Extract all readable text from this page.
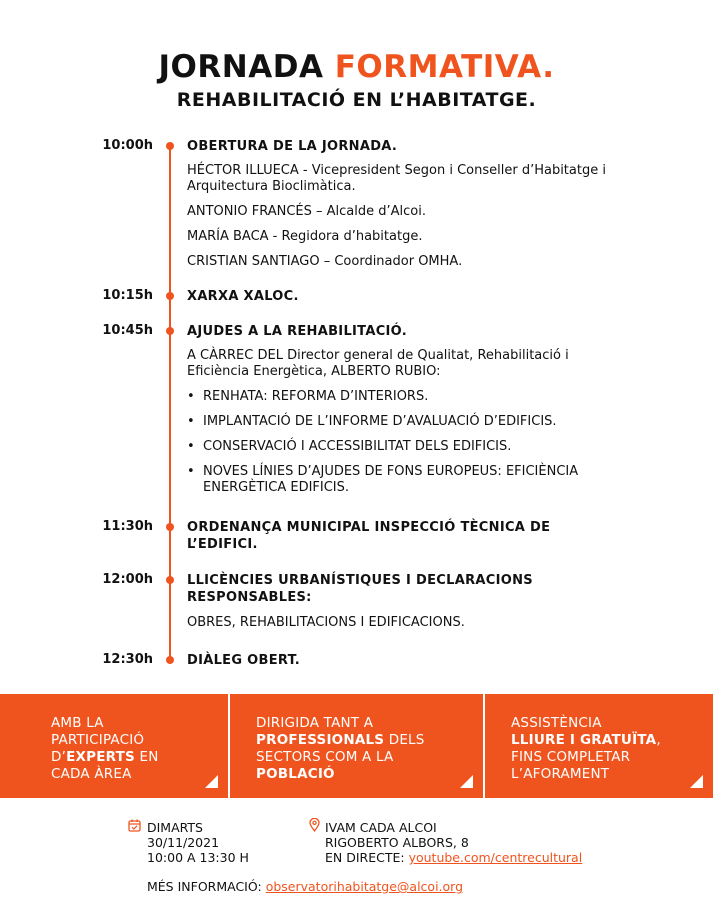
JORNADA FORMATIVA.
REHABILITACIÓ EN L’HABITATGE.
10:00h	OBERTURA DE LA JORNADA.
HÉCTOR ILLUECA - Vicepresident Segon i Conseller d’Habitatge i Arquitectura Bioclimàtica.
ANTONIO FRANCÉS – Alcalde d’Alcoi.
MARÍA BACA - Regidora d’habitatge.
CRISTIAN SANTIAGO – Coordinador OMHA.
10:15h	XARXA XALOC.
10:45h	AJUDES A LA REHABILITACIÓ.
A CÀRREC DEL Director general de Qualitat, Rehabilitació i Eficiència Energètica, ALBERTO RUBIO:
• RENHATA: REFORMA D’INTERIORS.
• IMPLANTACIÓ DE L’INFORME D’AVALUACIÓ D’EDIFICIS.
• CONSERVACIÓ I ACCESSIBILITAT DELS EDIFICIS.
• NOVES LÍNIES D’AJUDES DE FONS EUROPEUS: EFICIÈNCIA ENERGÈTICA EDIFICIS.
11:30h	ORDENANÇA MUNICIPAL INSPECCIÓ TÈCNICA DE L’EDIFICI.
12:00h	LLICÈNCIES URBANÍSTIQUES I DECLARACIONS RESPONSABLES:
OBRES, REHABILITACIONS I EDIFICACIONS.
12:30h	DIÀLEG OBERT.
AMB LA
PARTICIPACIÓ
D’EXPERTS EN
CADA ÀREA
DIRIGIDA TANT A
PROFESSIONALS DELS
SECTORS COM A LA
POBLACIÓ
ASSISTÈNCIA
LLIURE I GRATUÏTA,
FINS COMPLETAR
L’AFORAMENT
DIMARTS
30/11/2021
10:00 A 13:30 H
IVAM CADA ALCOI
RIGOBERTO ALBORS, 8
EN DIRECTE: youtube.com/centrecultural
MÉS INFORMACIÓ: observatorihabitatge@alcoi.org
